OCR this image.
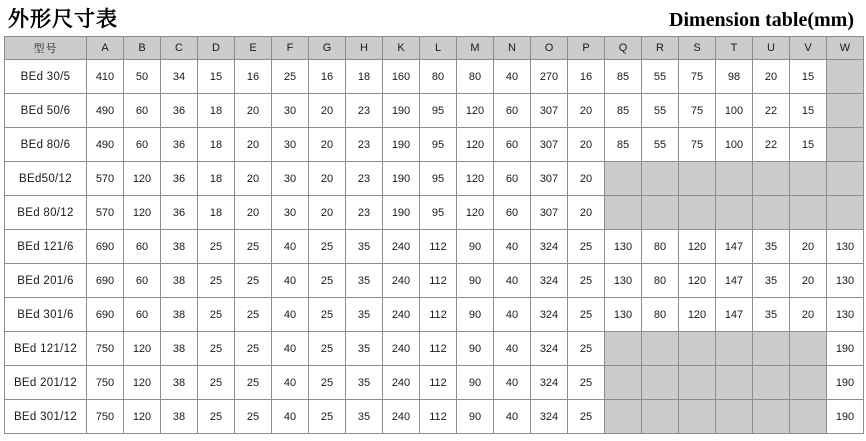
外形尺寸表	Dimension table(mm)
型号	A	B	C	D	E	F	G	H	K	L	M	N	O	P	Q	R	S	T	U	V	W
BEd 30/5	410	50	34	15	16	25	16	18	160	80	80	40	270	16	85	55	75	98	20	15	
BEd 50/6	490	60	36	18	20	30	20	23	190	95	120	60	307	20	85	55	75	100	22	15	
BEd 80/6	490	60	36	18	20	30	20	23	190	95	120	60	307	20	85	55	75	100	22	15	
BEd50/12	570	120	36	18	20	30	20	23	190	95	120	60	307	20							
BEd 80/12	570	120	36	18	20	30	20	23	190	95	120	60	307	20							
BEd 121/6	690	60	38	25	25	40	25	35	240	112	90	40	324	25	130	80	120	147	35	20	130
BEd 201/6	690	60	38	25	25	40	25	35	240	112	90	40	324	25	130	80	120	147	35	20	130
BEd 301/6	690	60	38	25	25	40	25	35	240	112	90	40	324	25	130	80	120	147	35	20	130
BEd 121/12	750	120	38	25	25	40	25	35	240	112	90	40	324	25							190
BEd 201/12	750	120	38	25	25	40	25	35	240	112	90	40	324	25							190
BEd 301/12	750	120	38	25	25	40	25	35	240	112	90	40	324	25							190
